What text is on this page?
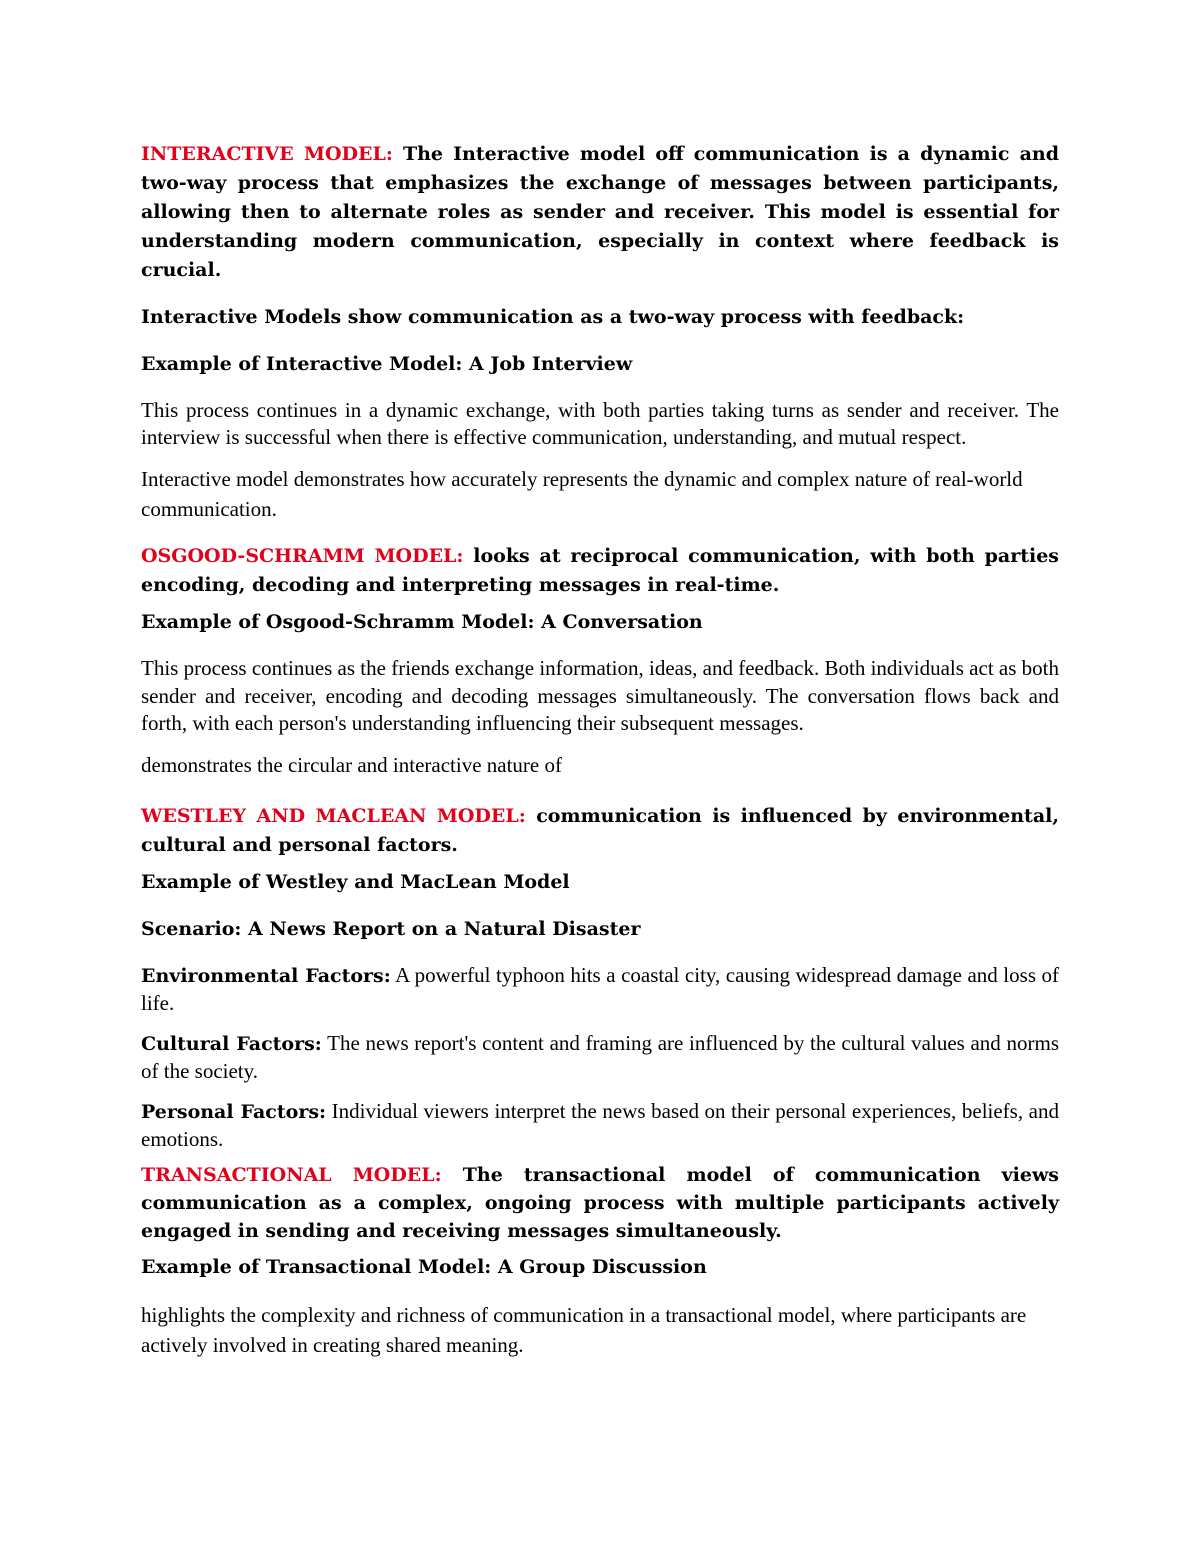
INTERACTIVE MODEL: The Interactive model off communication is a dynamic and two-way process that emphasizes the exchange of messages between participants, allowing then to alternate roles as sender and receiver. This model is essential for understanding modern communication, especially in context where feedback is crucial.

Interactive Models show communication as a two-way process with feedback:

Example of Interactive Model: A Job Interview

This process continues in a dynamic exchange, with both parties taking turns as sender and receiver. The interview is successful when there is effective communication, understanding, and mutual respect.

Interactive model demonstrates how accurately represents the dynamic and complex nature of real-world communication.

OSGOOD-SCHRAMM MODEL: looks at reciprocal communication, with both parties encoding, decoding and interpreting messages in real-time.

Example of Osgood-Schramm Model: A Conversation

This process continues as the friends exchange information, ideas, and feedback. Both individuals act as both sender and receiver, encoding and decoding messages simultaneously. The conversation flows back and forth, with each person's understanding influencing their subsequent messages.

demonstrates the circular and interactive nature of

WESTLEY AND MACLEAN MODEL: communication is influenced by environmental, cultural and personal factors.

Example of Westley and MacLean Model

Scenario: A News Report on a Natural Disaster

Environmental Factors: A powerful typhoon hits a coastal city, causing widespread damage and loss of life.

Cultural Factors: The news report's content and framing are influenced by the cultural values and norms of the society.

Personal Factors: Individual viewers interpret the news based on their personal experiences, beliefs, and emotions.

TRANSACTIONAL MODEL: The transactional model of communication views communication as a complex, ongoing process with multiple participants actively engaged in sending and receiving messages simultaneously.

Example of Transactional Model: A Group Discussion

highlights the complexity and richness of communication in a transactional model, where participants are actively involved in creating shared meaning.
